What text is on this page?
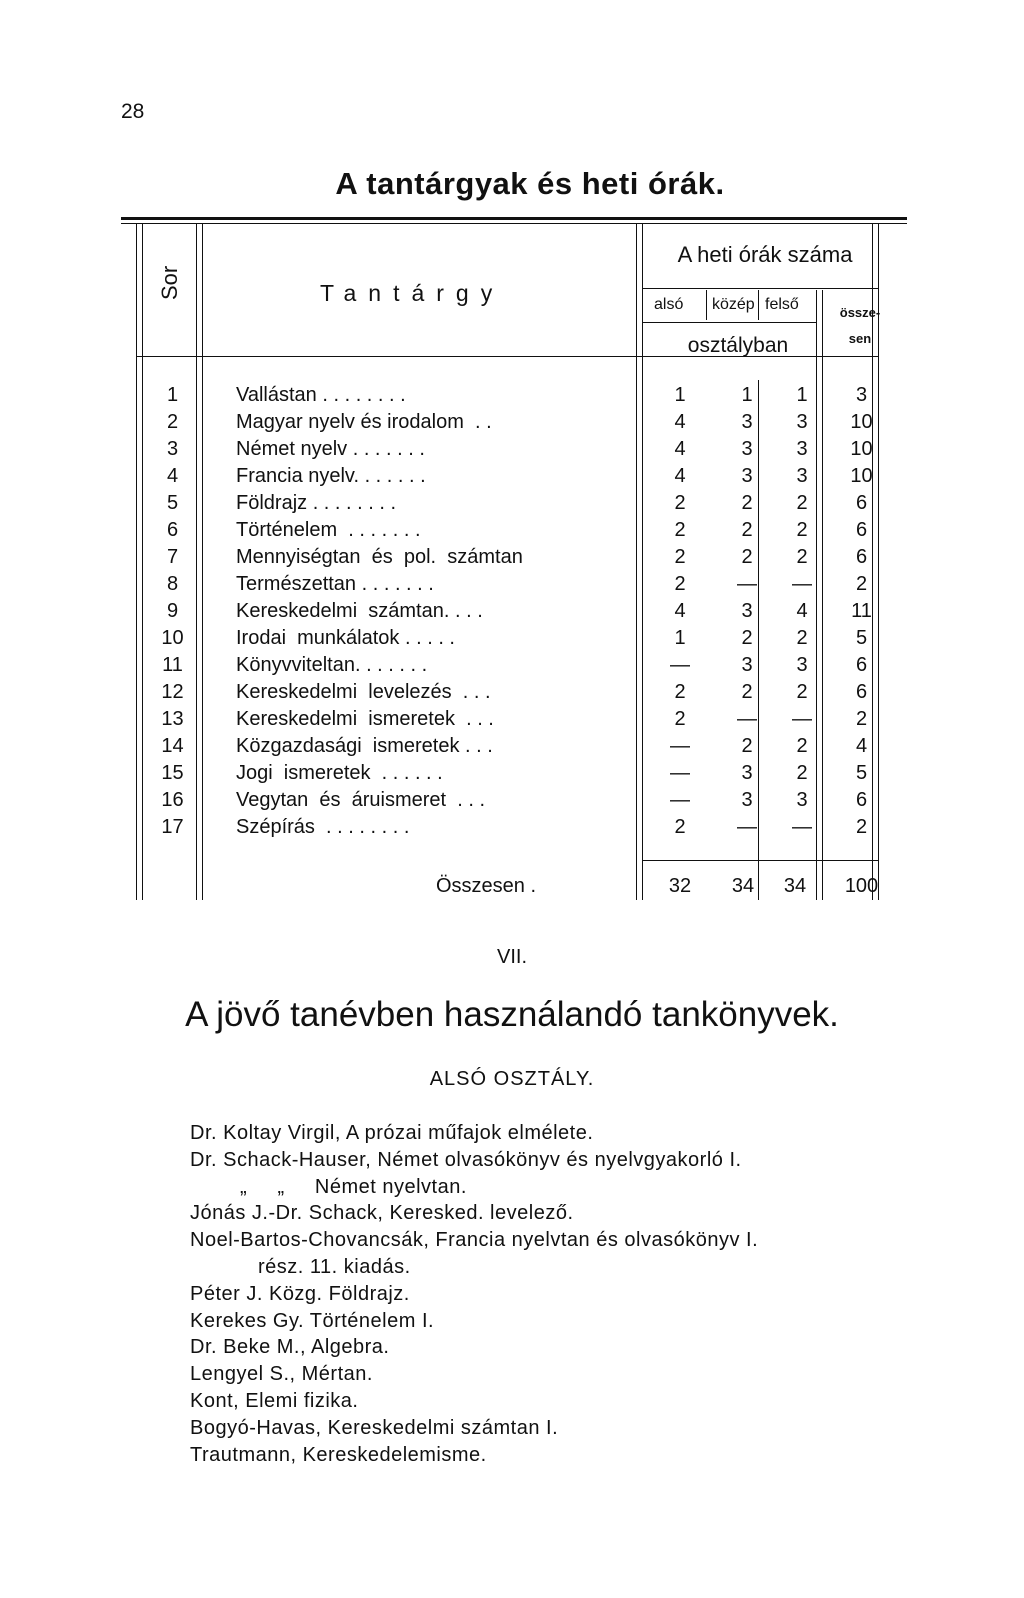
28
A tantárgyak és heti órák.
Sor	Tantárgy
A heti órák száma
alsó közép felső
osztályban
össze-
sen
1	Vallástan . . . . . . . .	1	1	1	3
2	Magyar nyelv és irodalom  . .	4	3	3	10
3	Német nyelv . . . . . . .	4	3	3	10
4	Francia nyelv. . . . . . .	4	3	3	10
5	Földrajz . . . . . . . .	2	2	2	6
6	Történelem  . . . . . . .	2	2	2	6
7	Mennyiségtan  és  pol.  számtan	2	2	2	6
8	Természettan . . . . . . .	2	—	—	2
9	Kereskedelmi  számtan. . . .	4	3	4	11
10	Irodai  munkálatok . . . . .	1	2	2	5
11	Könyvviteltan. . . . . . .	—	3	3	6
12	Kereskedelmi  levelezés  . . .	2	2	2	6
13	Kereskedelmi  ismeretek  . . .	2	—	—	2
14	Közgazdasági  ismeretek . . .	—	2	2	4
15	Jogi  ismeretek  . . . . . .	—	3	2	5
16	Vegytan  és  áruismeret  . . .	—	3	3	6
17	Szépírás  . . . . . . . .	2	—	—	2
Összesen .	32	34	34	100
VII.
A jövő tanévben használandó tankönyvek.
ALSÓ OSZTÁLY.
Dr. Koltay Virgil, A prózai műfajok elmélete.
Dr. Schack-Hauser, Német olvasókönyv és nyelvgyakorló I.
„     „     Német nyelvtan.
Jónás J.-Dr. Schack, Keresked. levelező.
Noel-Bartos-Chovancsák, Francia nyelvtan és olvasókönyv I.
rész. 11. kiadás.
Péter J. Közg. Földrajz.
Kerekes Gy. Történelem I.
Dr. Beke M., Algebra.
Lengyel S., Mértan.
Kont, Elemi fizika.
Bogyó-Havas, Kereskedelmi számtan I.
Trautmann, Kereskedelemisme.
